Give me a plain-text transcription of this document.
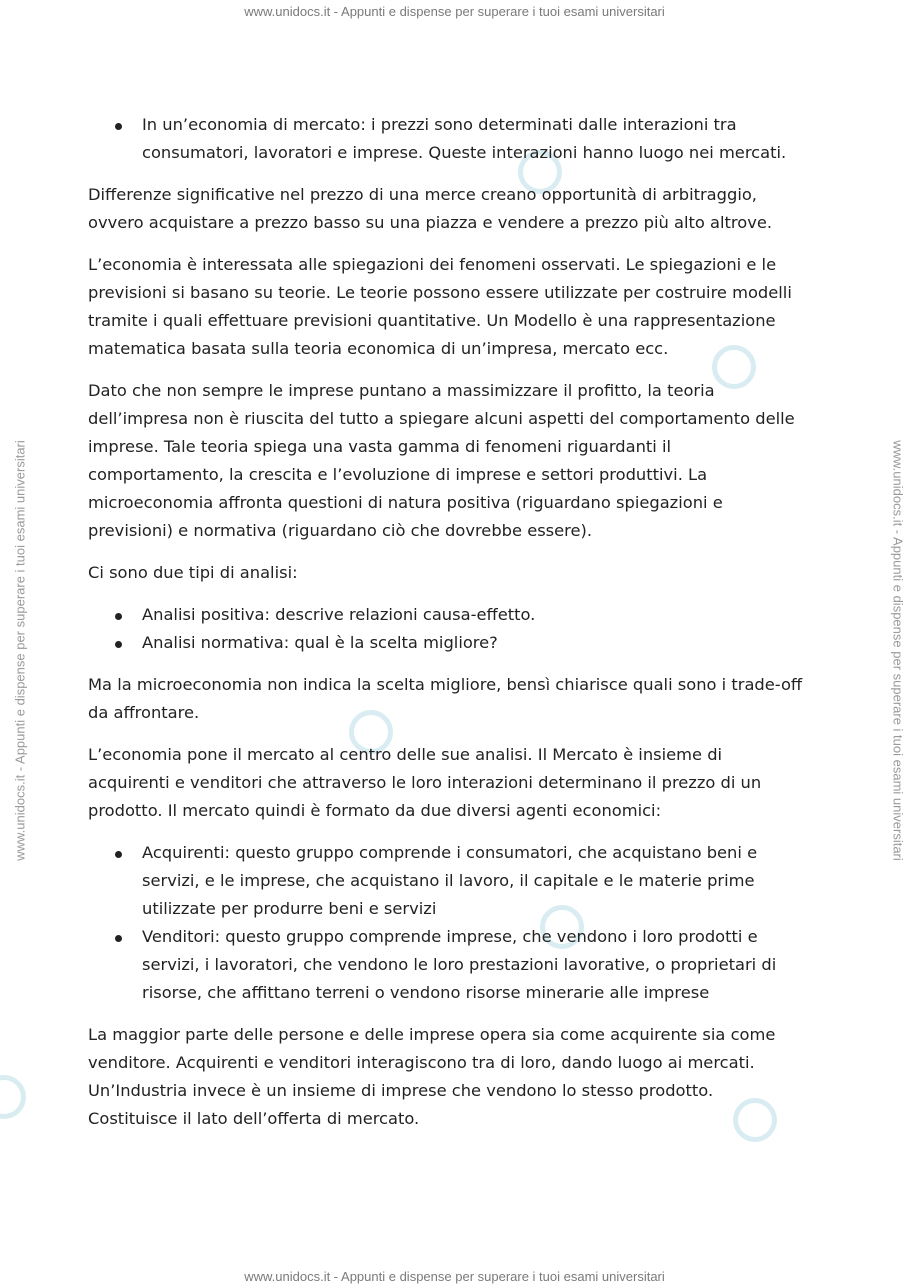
www.unidocs.it - Appunti e dispense per superare i tuoi esami universitari
www.unidocs.it - Appunti e dispense per superare i tuoi esami universitari	www.unidocs.it - Appunti e dispense per superare i tuoi esami universitari
In un’economia di mercato: i prezzi sono determinati dalle interazioni tra consumatori, lavoratori e imprese. Queste interazioni hanno luogo nei mercati.

Differenze significative nel prezzo di una merce creano opportunità di arbitraggio, ovvero acquistare a prezzo basso su una piazza e vendere a prezzo più alto altrove.

L’economia è interessata alle spiegazioni dei fenomeni osservati. Le spiegazioni e le previsioni si basano su teorie. Le teorie possono essere utilizzate per costruire modelli tramite i quali effettuare previsioni quantitative. Un Modello è una rappresentazione matematica basata sulla teoria economica di un’impresa, mercato ecc.

Dato che non sempre le imprese puntano a massimizzare il profitto, la teoria dell’impresa non è riuscita del tutto a spiegare alcuni aspetti del comportamento delle imprese. Tale teoria spiega una vasta gamma di fenomeni riguardanti il comportamento, la crescita e l’evoluzione di imprese e settori produttivi. La microeconomia affronta questioni di natura positiva (riguardano spiegazioni e previsioni) e normativa (riguardano ciò che dovrebbe essere).

Ci sono due tipi di analisi:

Analisi positiva: descrive relazioni causa-effetto.
Analisi normativa: qual è la scelta migliore?

Ma la microeconomia non indica la scelta migliore, bensì chiarisce quali sono i trade-off da affrontare.

L’economia pone il mercato al centro delle sue analisi. Il Mercato è insieme di acquirenti e venditori che attraverso le loro interazioni determinano il prezzo di un prodotto. Il mercato quindi è formato da due diversi agenti economici:

Acquirenti: questo gruppo comprende i consumatori, che acquistano beni e servizi, e le imprese, che acquistano il lavoro, il capitale e le materie prime utilizzate per produrre beni e servizi
Venditori: questo gruppo comprende imprese, che vendono i loro prodotti e servizi, i lavoratori, che vendono le loro prestazioni lavorative, o proprietari di risorse, che affittano terreni o vendono risorse minerarie alle imprese

La maggior parte delle persone e delle imprese opera sia come acquirente sia come venditore. Acquirenti e venditori interagiscono tra di loro, dando luogo ai mercati. Un’Industria invece è un insieme di imprese che vendono lo stesso prodotto. Costituisce il lato dell’offerta di mercato.

www.unidocs.it - Appunti e dispense per superare i tuoi esami universitari
